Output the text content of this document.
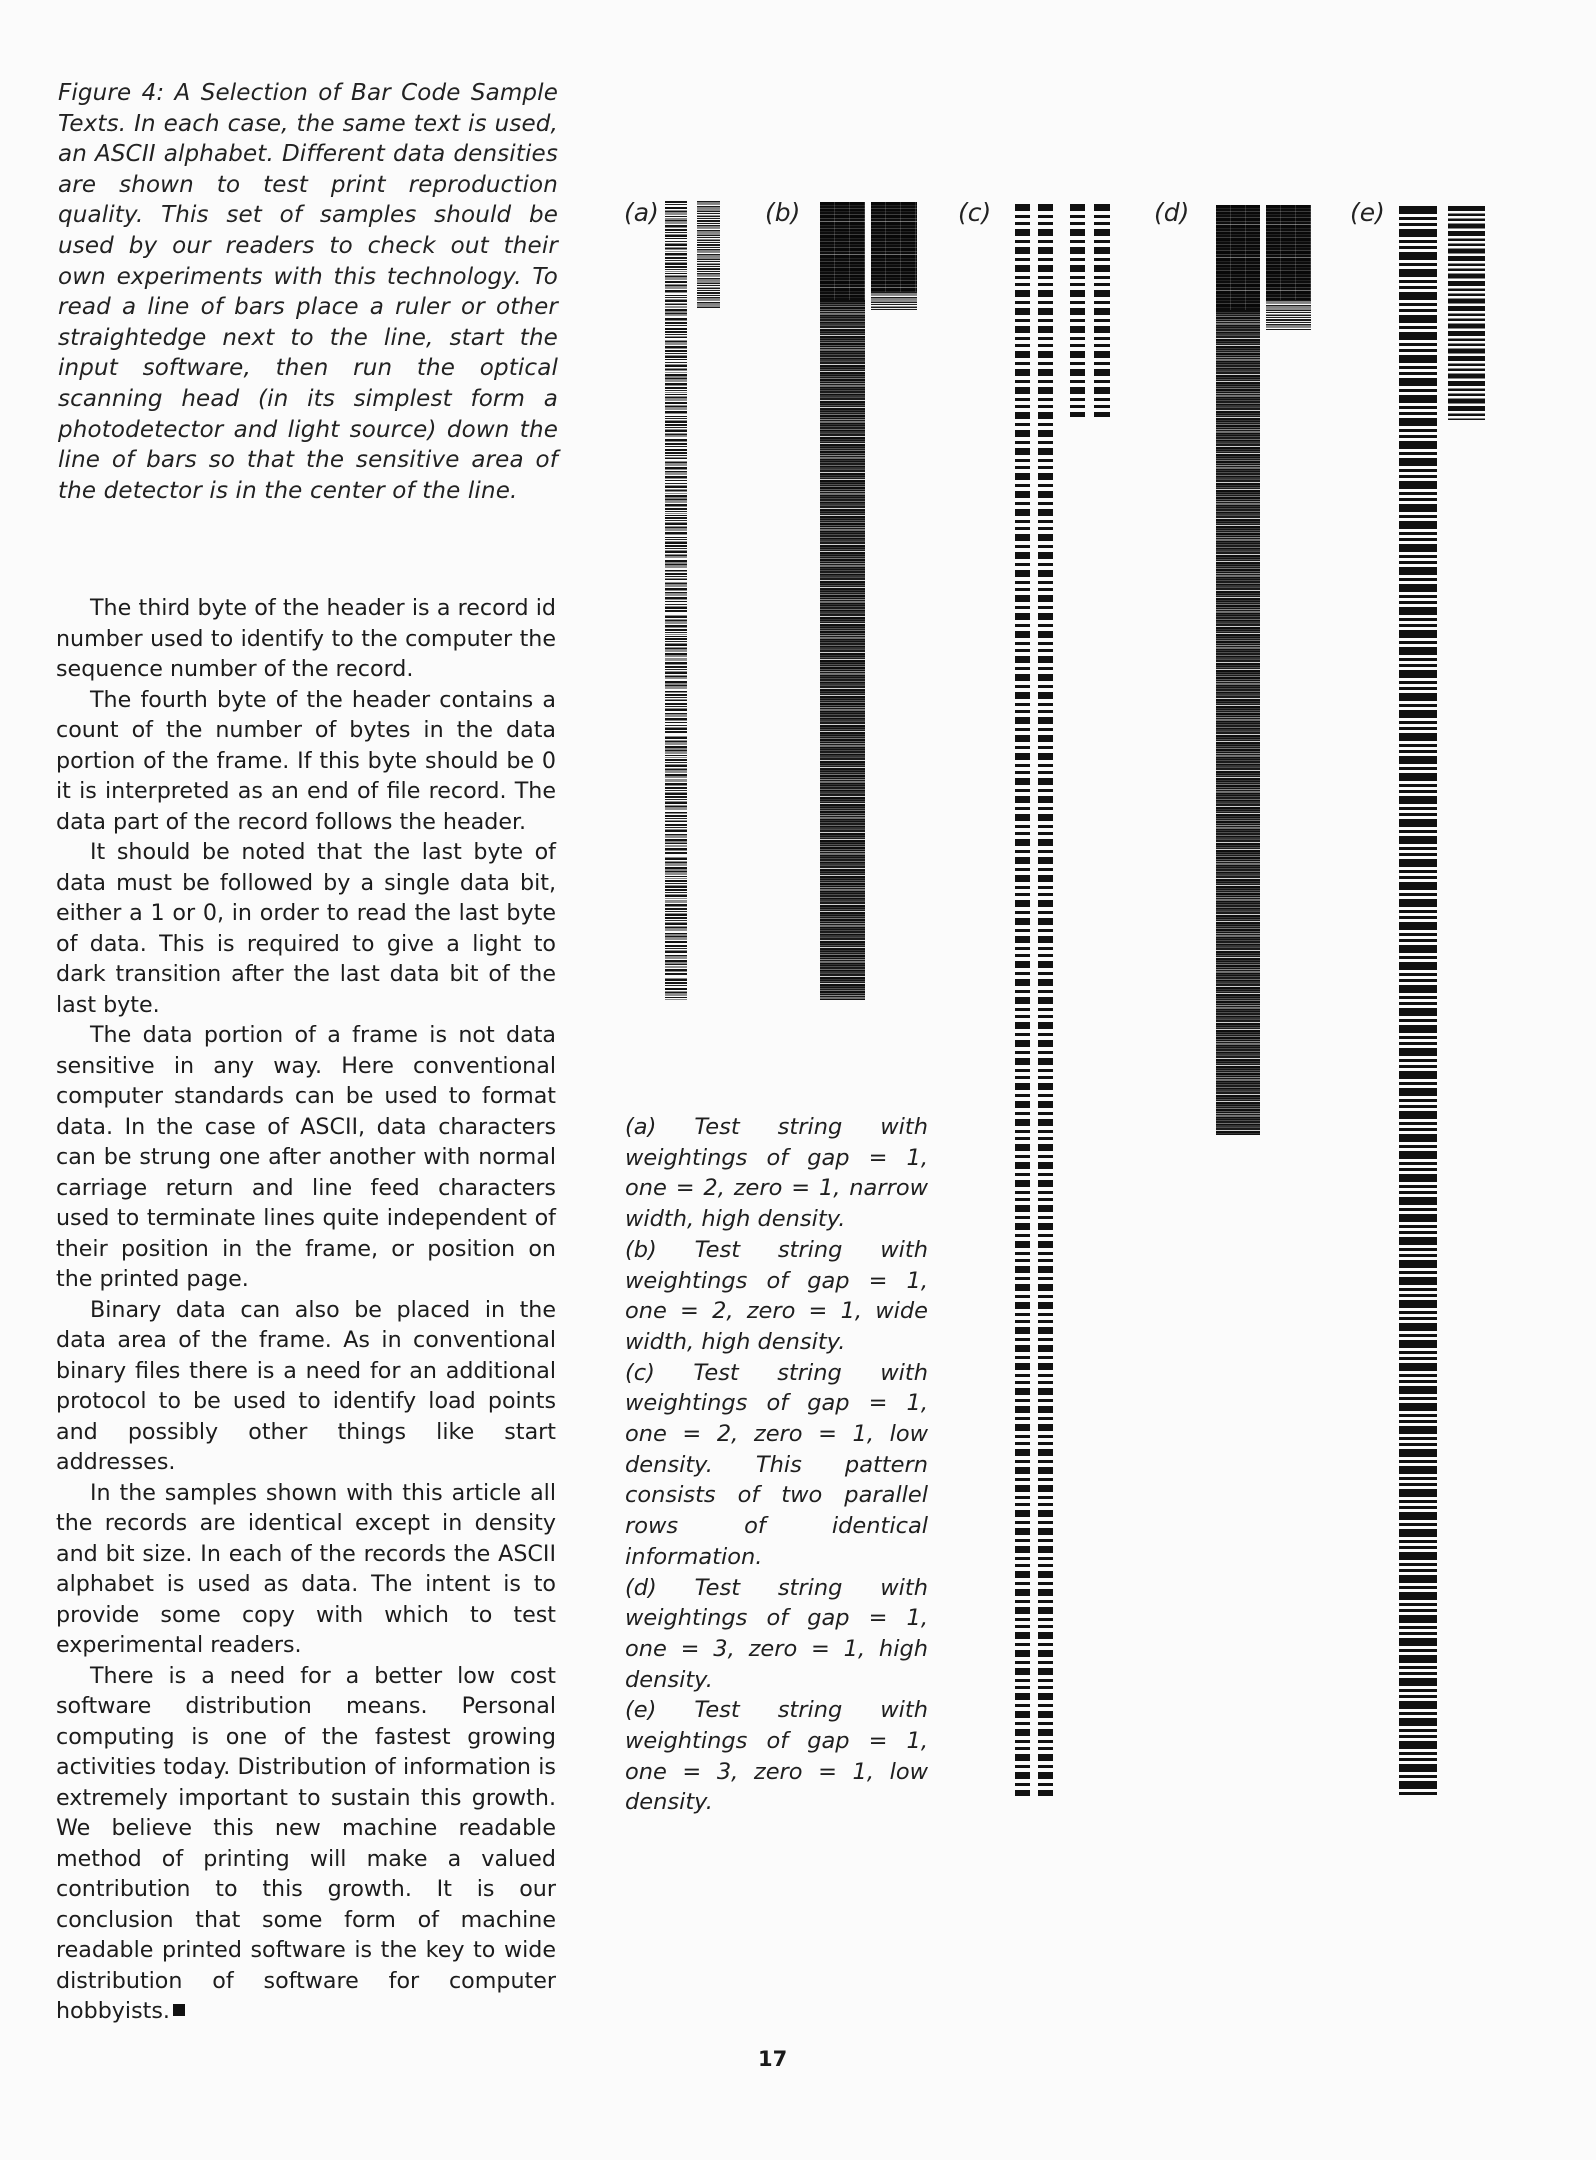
Figure 4: A Selection of Bar Code Sample Texts. In each case, the same text is used, an ASCII alphabet. Different data densities are shown to test print reproduction quality. This set of samples should be used by our readers to check out their own experiments with this technology. To read a line of bars place a ruler or other straightedge next to the line, start the input software, then run the optical scanning head (in its simplest form a photodetector and light source) down the line of bars so that the sensitive area of the detector is in the center of the line.

The third byte of the header is a record id number used to identify to the computer the sequence number of the record.

The fourth byte of the header contains a count of the number of bytes in the data portion of the frame. If this byte should be 0 it is interpreted as an end of file record. The data part of the record follows the header.

It should be noted that the last byte of data must be followed by a single data bit, either a 1 or 0, in order to read the last byte of data. This is required to give a light to dark transition after the last data bit of the last byte.

The data portion of a frame is not data sensitive in any way. Here conventional computer standards can be used to format data. In the case of ASCII, data characters can be strung one after another with normal carriage return and line feed characters used to terminate lines quite independent of their position in the frame, or position on the printed page.

Binary data can also be placed in the data area of the frame. As in conventional binary files there is a need for an additional protocol to be used to identify load points and possibly other things like start addresses.

In the samples shown with this article all the records are identical except in density and bit size. In each of the records the ASCII alphabet is used as data. The intent is to provide some copy with which to test experimental readers.

There is a need for a better low cost software distribution means. Personal computing is one of the fastest growing activities today. Distribution of information is extremely important to sustain this growth. We believe this new machine readable method of printing will make a valued contribution to this growth. It is our conclusion that some form of machine readable printed software is the key to wide distribution of software for computer hobbyists.

(a)	(b)	(c)	(d)	(e)

(a) Test string with weightings of gap = 1, one = 2, zero = 1, narrow width, high density.

(b) Test string with weightings of gap = 1, one = 2, zero = 1, wide width, high density.

(c) Test string with weightings of gap = 1, one = 2, zero = 1, low density. This pattern consists of two parallel rows of identical information.

(d) Test string with weightings of gap = 1, one = 3, zero = 1, high density.

(e) Test string with weightings of gap = 1, one = 3, zero = 1, low density.

17
